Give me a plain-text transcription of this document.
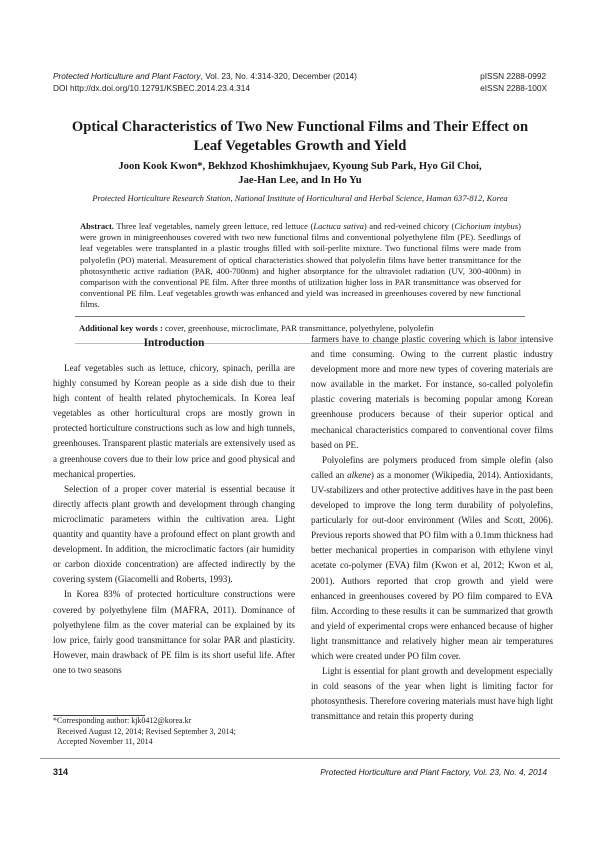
Protected Horticulture and Plant Factory, Vol. 23, No. 4:314-320, December (2014)
DOI http://dx.doi.org/10.12791/KSBEC.2014.23.4.314
pISSN 2288-0992
eISSN 2288-100X
Optical Characteristics of Two New Functional Films and Their Effect on
Leaf Vegetables Growth and Yield
Joon Kook Kwon*, Bekhzod Khoshimkhujaev, Kyoung Sub Park, Hyo Gil Choi,
Jae-Han Lee, and In Ho Yu
Protected Horticulture Research Station, National Institute of Horticultural and Herbal Science, Haman 637-812, Korea
Abstract. Three leaf vegetables, namely green lettuce, red lettuce (Lactuca sativa) and red-veined chicory (Cichorium intybus) were grown in minigreenhouses covered with two new functional films and conventional polyethylene film (PE). Seedlings of leaf vegetables were transplanted in a plastic troughs filled with soil-perlite mixture. Two functional films were made from polyolefin (PO) material. Measurement of optical characteristics showed that polyolefin films have better transmittance for the photosynthetic active radiation (PAR, 400-700nm) and higher absorptance for the ultraviolet radiation (UV, 300-400nm) in comparison with the conventional PE film. After three months of utilization higher loss in PAR transmittance was observed for conventional PE film. Leaf vegetables growth was enhanced and yield was increased in greenhouses covered by new functional films.
Additional key words : cover, greenhouse, microclimate, PAR transmittance, polyethylene, polyolefin
Introduction

Leaf vegetables such as lettuce, chicory, spinach, perilla are highly consumed by Korean people as a side dish due to their high content of health related phytochemicals. In Korea leaf vegetables as other horticultural crops are mostly grown in protected horticulture constructions such as low and high tunnels, greenhouses. Transparent plastic materials are extensively used as a greenhouse covers due to their low price and good physical and mechanical properties.

Selection of a proper cover material is essential because it directly affects plant growth and development through changing microclimatic parameters within the cultivation area. Light quantity and quantity have a profound effect on plant growth and development. In addition, the microclimatic factors (air humidity or carbon dioxide concentration) are affected indirectly by the covering system (Giacomelli and Roberts, 1993).

In Korea 83% of protected horticulture constructions were covered by polyethylene film (MAFRA, 2011). Dominance of polyethylene film as the cover material can be explained by its low price, fairly good transmittance for solar PAR and plasticity. However, main drawback of PE film is its short useful life. After one to two seasons

farmers have to change plastic covering which is labor intensive and time consuming. Owing to the current plastic industry development more and more new types of covering materials are now available in the market. For instance, so-called polyolefin plastic covering materials is becoming popular among Korean greenhouse producers because of their superior optical and mechanical characteristics compared to conventional cover films based on PE.

Polyolefins are polymers produced from simple olefin (also called an alkene) as a monomer (Wikipedia, 2014). Antioxidants, UV-stabilizers and other protective additives have in the past been developed to improve the long term durability of polyolefins, particularly for out-door environment (Wiles and Scott, 2006). Previous reports showed that PO film with a 0.1mm thickness had better mechanical properties in comparison with ethylene vinyl acetate co-polymer (EVA) film (Kwon et al, 2012; Kwon et al, 2001). Authors reported that crop growth and yield were enhanced in greenhouses covered by PO film compared to EVA film. According to these results it can be summarized that growth and yield of experimental crops were enhanced because of higher light transmittance and relatively higher mean air temperatures which were created under PO film cover.

Light is essential for plant growth and development especially in cold seasons of the year when light is limiting factor for photosynthesis. Therefore covering materials must have high light transmittance and retain this property during

*Corresponding author: kjk0412@korea.kr
Received August 12, 2014; Revised September 3, 2014;
Accepted November 11, 2014
314	Protected Horticulture and Plant Factory, Vol. 23, No. 4, 2014
